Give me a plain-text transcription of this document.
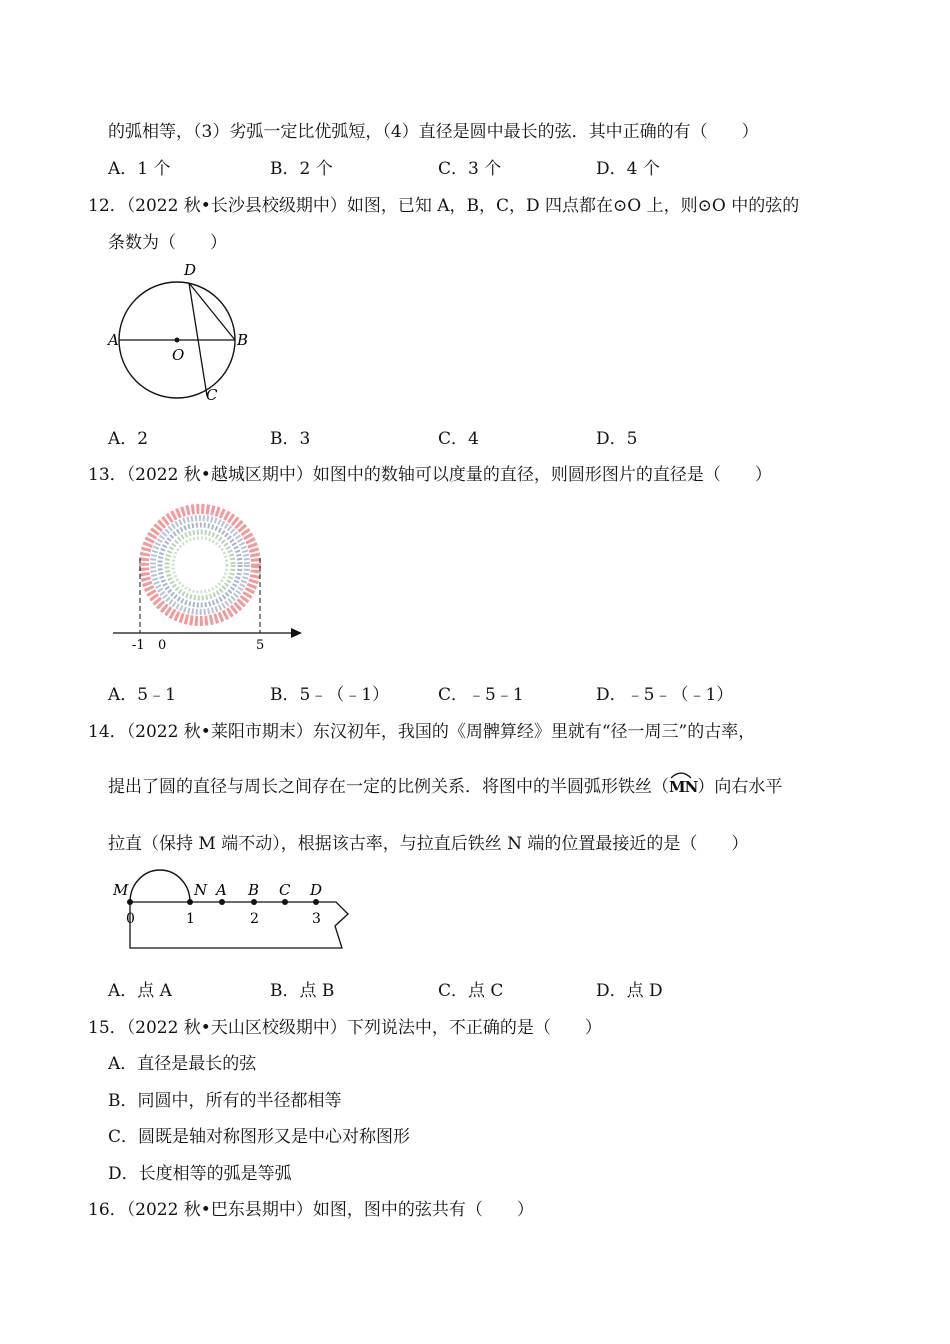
的弧相等，（3）劣弧一定比优弧短，（4）直径是圆中最长的弦．其中正确的有（　　）
A．1 个	B．2 个	C．3 个	D．4 个
12．（2022 秋•长沙县校级期中）如图，已知 A，B，C，D 四点都在⊙O 上，则⊙O 中的弦的
条数为（　　）
A	B
C
D
O
A．2	B．3	C．4	D．5
13．（2022 秋•越城区期中）如图中的数轴可以度量的直径，则圆形图片的直径是（　　）
-1 0	5
A．5﹣1	B．5﹣（﹣1）	C．﹣5﹣1	D．﹣5﹣（﹣1）
14．（2022 秋•莱阳市期末）东汉初年，我国的《周髀算经》里就有“径一周三”的古率，
提出了圆的直径与周长之间存在一定的比例关系．将图中的半圆弧形铁丝（
MN）向右水平
拉直（保持 M 端不动），根据该古率，与拉直后铁丝 N 端的位置最接近的是（　　）
M	N A B C D
0	1	2	3
A．点 A	B．点 B	C．点 C	D．点 D
15．（2022 秋•天山区校级期中）下列说法中，不正确的是（　　）
A．直径是最长的弦
B．同圆中，所有的半径都相等
C．圆既是轴对称图形又是中心对称图形
D．长度相等的弧是等弧
16．（2022 秋•巴东县期中）如图，图中的弦共有（　　）
